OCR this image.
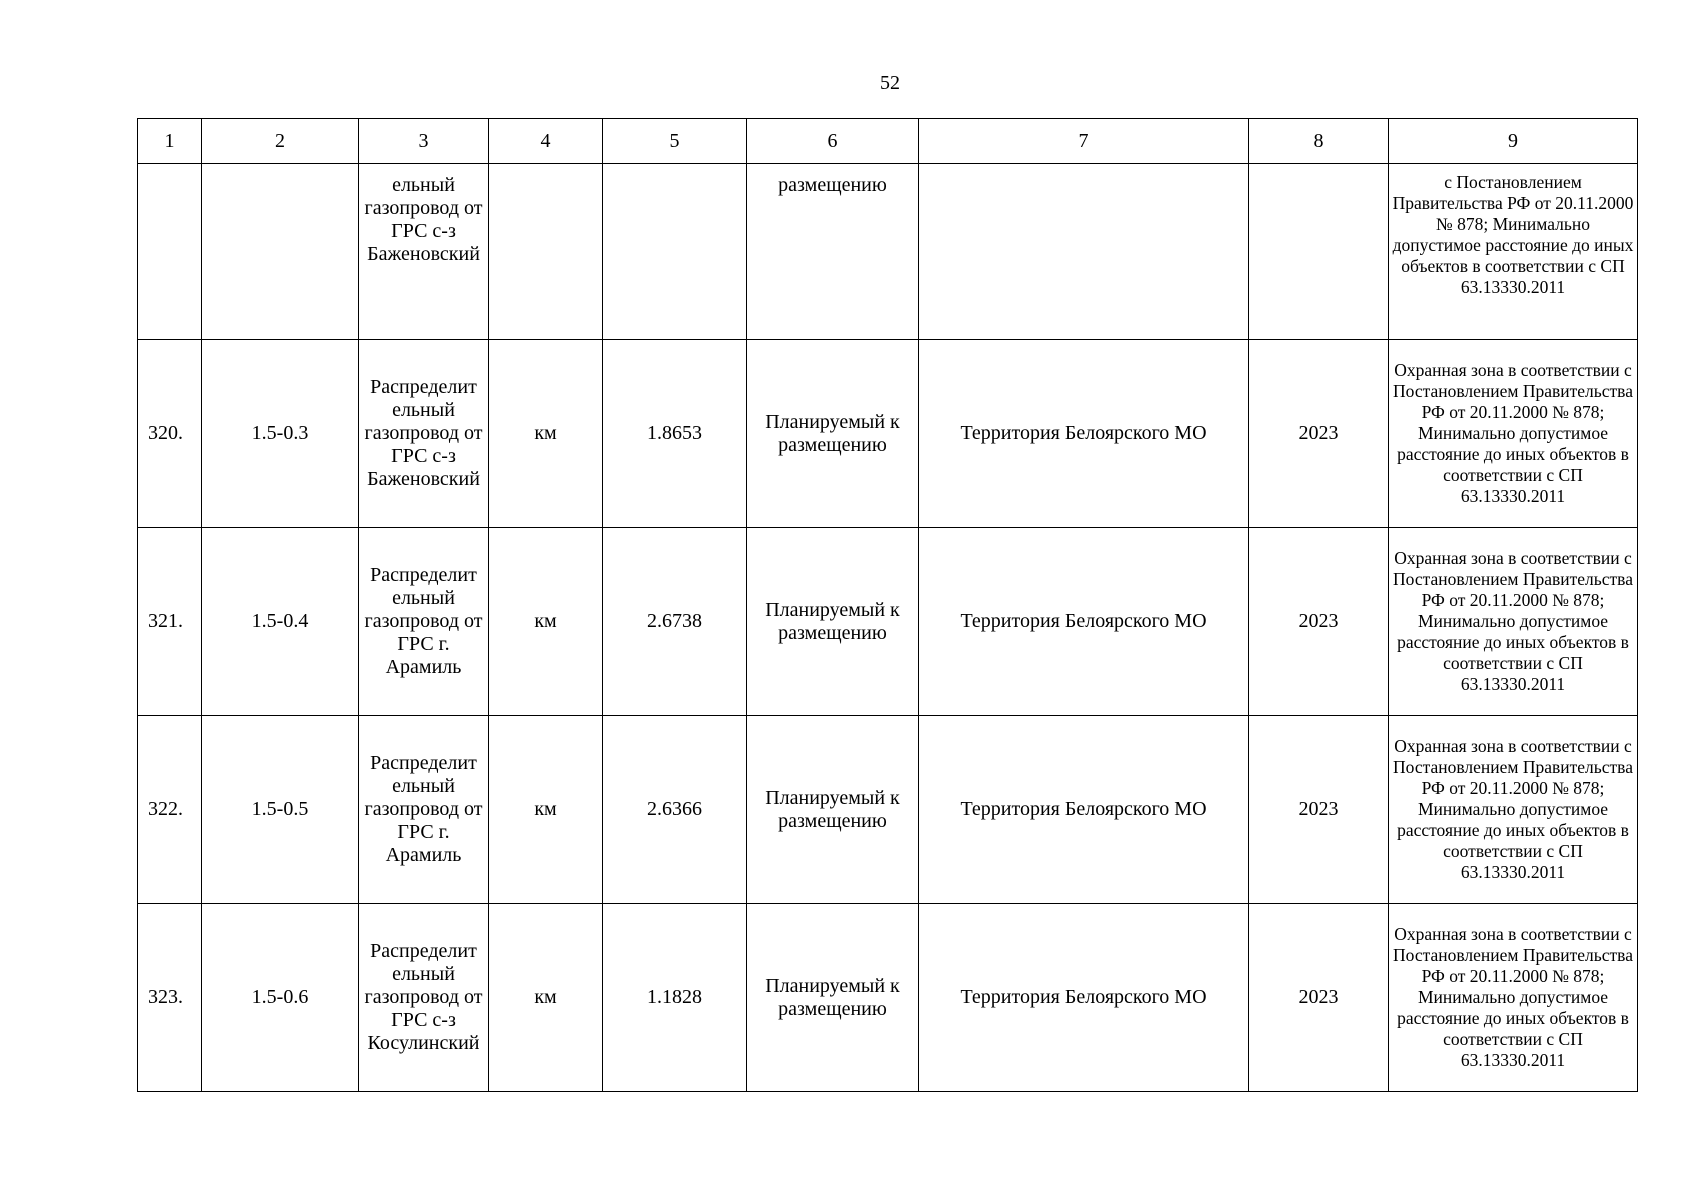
52
1	2	3	4	5	6	7	8	9
		ельный газопровод от ГРС с-з Баженовский			размещению			с Постановлением Правительства РФ от 20.11.2000 № 878; Минимально допустимое расстояние до иных объектов в соответствии с СП 63.13330.2011
320.	1.5-0.3	Распределит ельный газопровод от ГРС с-з Баженовский	км	1.8653	Планируемый к размещению	Территория Белоярского МО	2023	Охранная зона в соответствии с Постановлением Правительства РФ от 20.11.2000 № 878; Минимально допустимое расстояние до иных объектов в соответствии с СП 63.13330.2011
321.	1.5-0.4	Распределит ельный газопровод от ГРС г. Арамиль	км	2.6738	Планируемый к размещению	Территория Белоярского МО	2023	Охранная зона в соответствии с Постановлением Правительства РФ от 20.11.2000 № 878; Минимально допустимое расстояние до иных объектов в соответствии с СП 63.13330.2011
322.	1.5-0.5	Распределит ельный газопровод от ГРС г. Арамиль	км	2.6366	Планируемый к размещению	Территория Белоярского МО	2023	Охранная зона в соответствии с Постановлением Правительства РФ от 20.11.2000 № 878; Минимально допустимое расстояние до иных объектов в соответствии с СП 63.13330.2011
323.	1.5-0.6	Распределит ельный газопровод от ГРС с-з Косулинский	км	1.1828	Планируемый к размещению	Территория Белоярского МО	2023	Охранная зона в соответствии с Постановлением Правительства РФ от 20.11.2000 № 878; Минимально допустимое расстояние до иных объектов в соответствии с СП 63.13330.2011
